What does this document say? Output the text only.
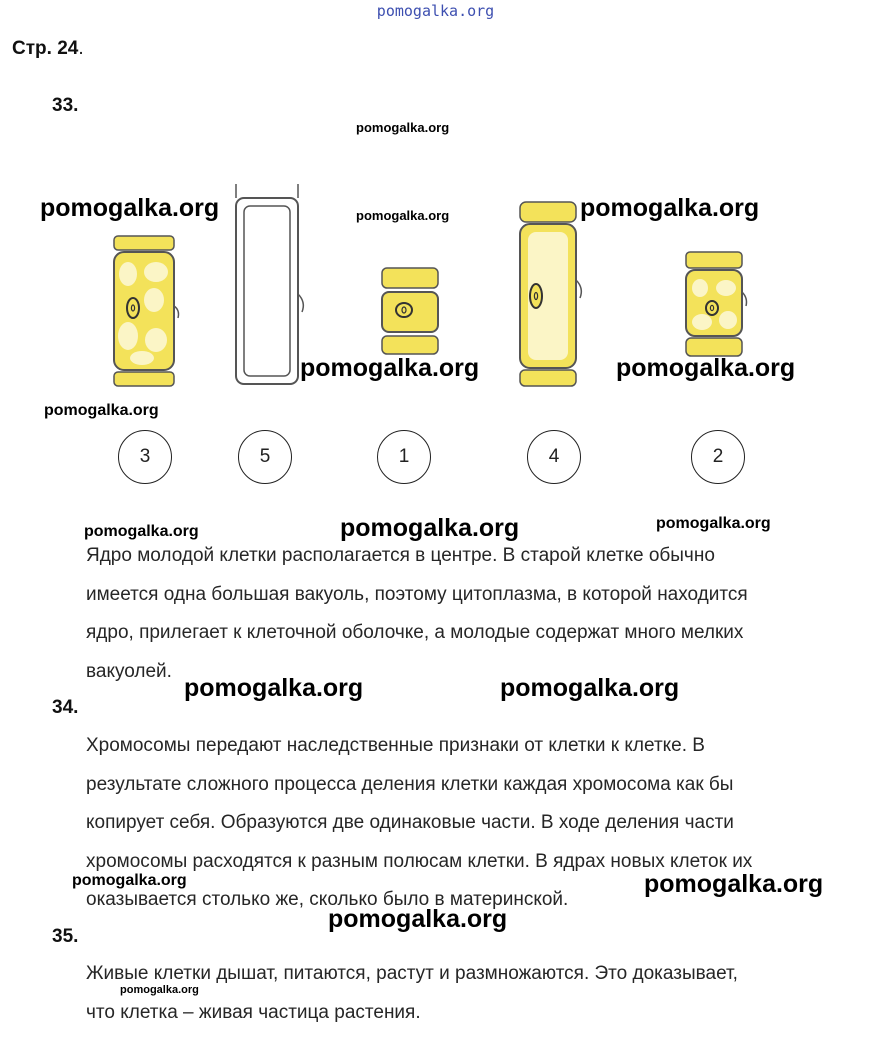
pomogalka.org
Стр. 24.
33.
3	5	1	4	2

Ядро молодой клетки располагается в центре. В старой клетке обычно

имеется одна большая вакуоль, поэтому цитоплазма, в которой находится

ядро, прилегает к клеточной оболочке, а молодые содержат много мелких

вакуолей.

34.

Хромосомы передают наследственные признаки от клетки к клетке. В

результате сложного процесса деления клетки каждая хромосома как бы

копирует себя. Образуются две одинаковые части. В ходе деления части

хромосомы расходятся к разным полюсам клетки. В ядрах новых клеток их

оказывается столько же, сколько было в материнской.

35.

Живые клетки дышат, питаются, растут и размножаются. Это доказывает,

что клетка – живая частица растения.

pomogalka.org
pomogalka.org	pomogalka.org	pomogalka.org
pomogalka.org	pomogalka.org
pomogalka.org
pomogalka.org	pomogalka.org	pomogalka.org
pomogalka.org	pomogalka.org
pomogalka.org	pomogalka.org
pomogalka.org
pomogalka.org
